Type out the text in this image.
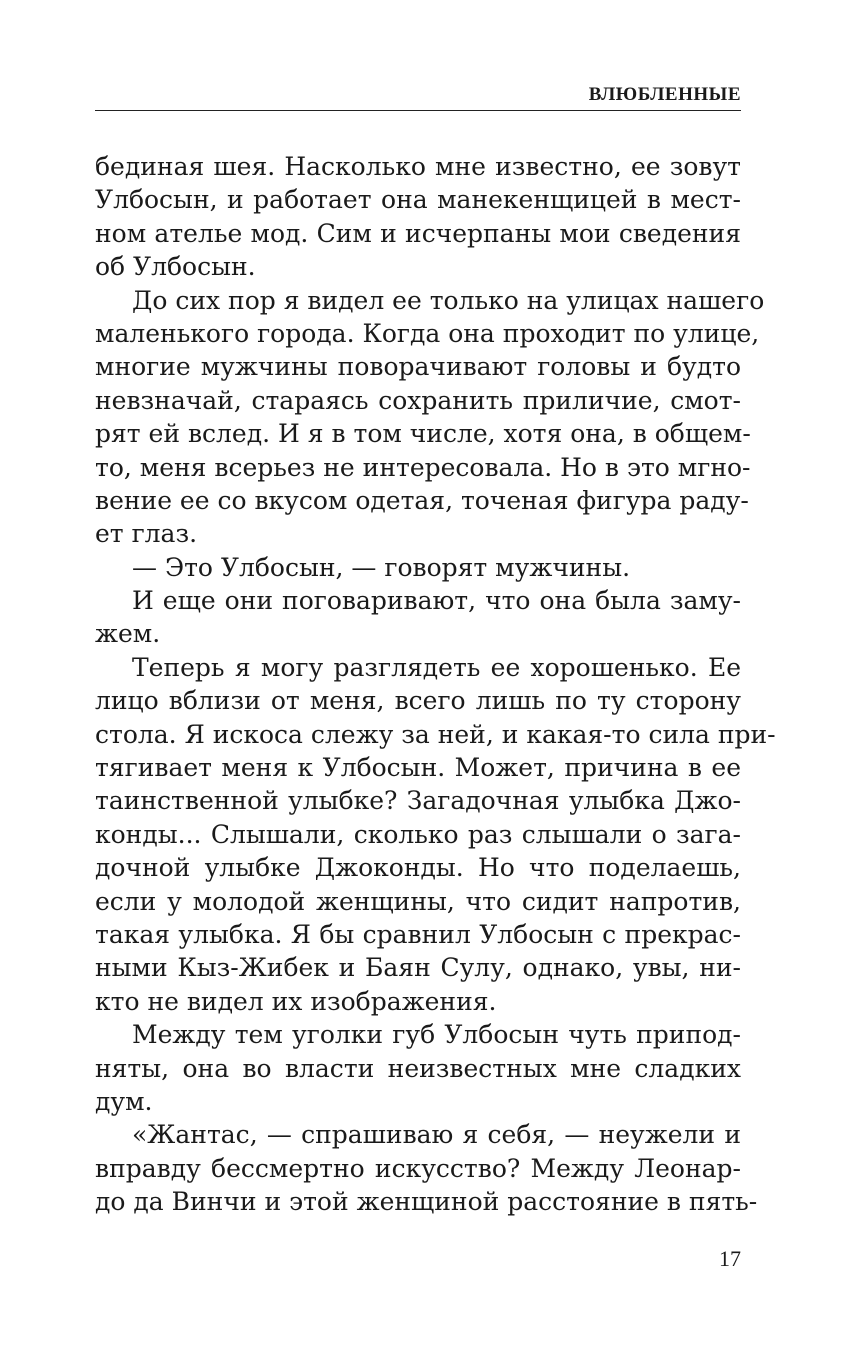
ВЛЮБЛЕННЫЕ
бединая шея. Насколько мне известно, ее зовут
Улбосын, и работает она манекенщицей в мест-
ном ателье мод. Сим и исчерпаны мои сведения
об Улбосын.
До сих пор я видел ее только на улицах нашего
маленького города. Когда она проходит по улице,
многие мужчины поворачивают головы и будто
невзначай, стараясь сохранить приличие, смот-
рят ей вслед. И я в том числе, хотя она, в общем-
то, меня всерьез не интересовала. Но в это мгно-
вение ее со вкусом одетая, точеная фигура раду-
ет глаз.
— Это Улбосын, — говорят мужчины.
И еще они поговаривают, что она была заму-
жем.
Теперь я могу разглядеть ее хорошенько. Ее
лицо вблизи от меня, всего лишь по ту сторону
стола. Я искоса слежу за ней, и какая-то сила при-
тягивает меня к Улбосын. Может, причина в ее
таинственной улыбке? Загадочная улыбка Джо-
конды... Слышали, сколько раз слышали о зага-
дочной улыбке Джоконды. Но что поделаешь,
если у молодой женщины, что сидит напротив,
такая улыбка. Я бы сравнил Улбосын с прекрас-
ными Кыз-Жибек и Баян Сулу, однако, увы, ни-
кто не видел их изображения.
Между тем уголки губ Улбосын чуть припод-
няты, она во власти неизвестных мне сладких
дум.
«Жантас, — спрашиваю я себя, — неужели и
вправду бессмертно искусство? Между Леонар-
до да Винчи и этой женщиной расстояние в пять-
17
